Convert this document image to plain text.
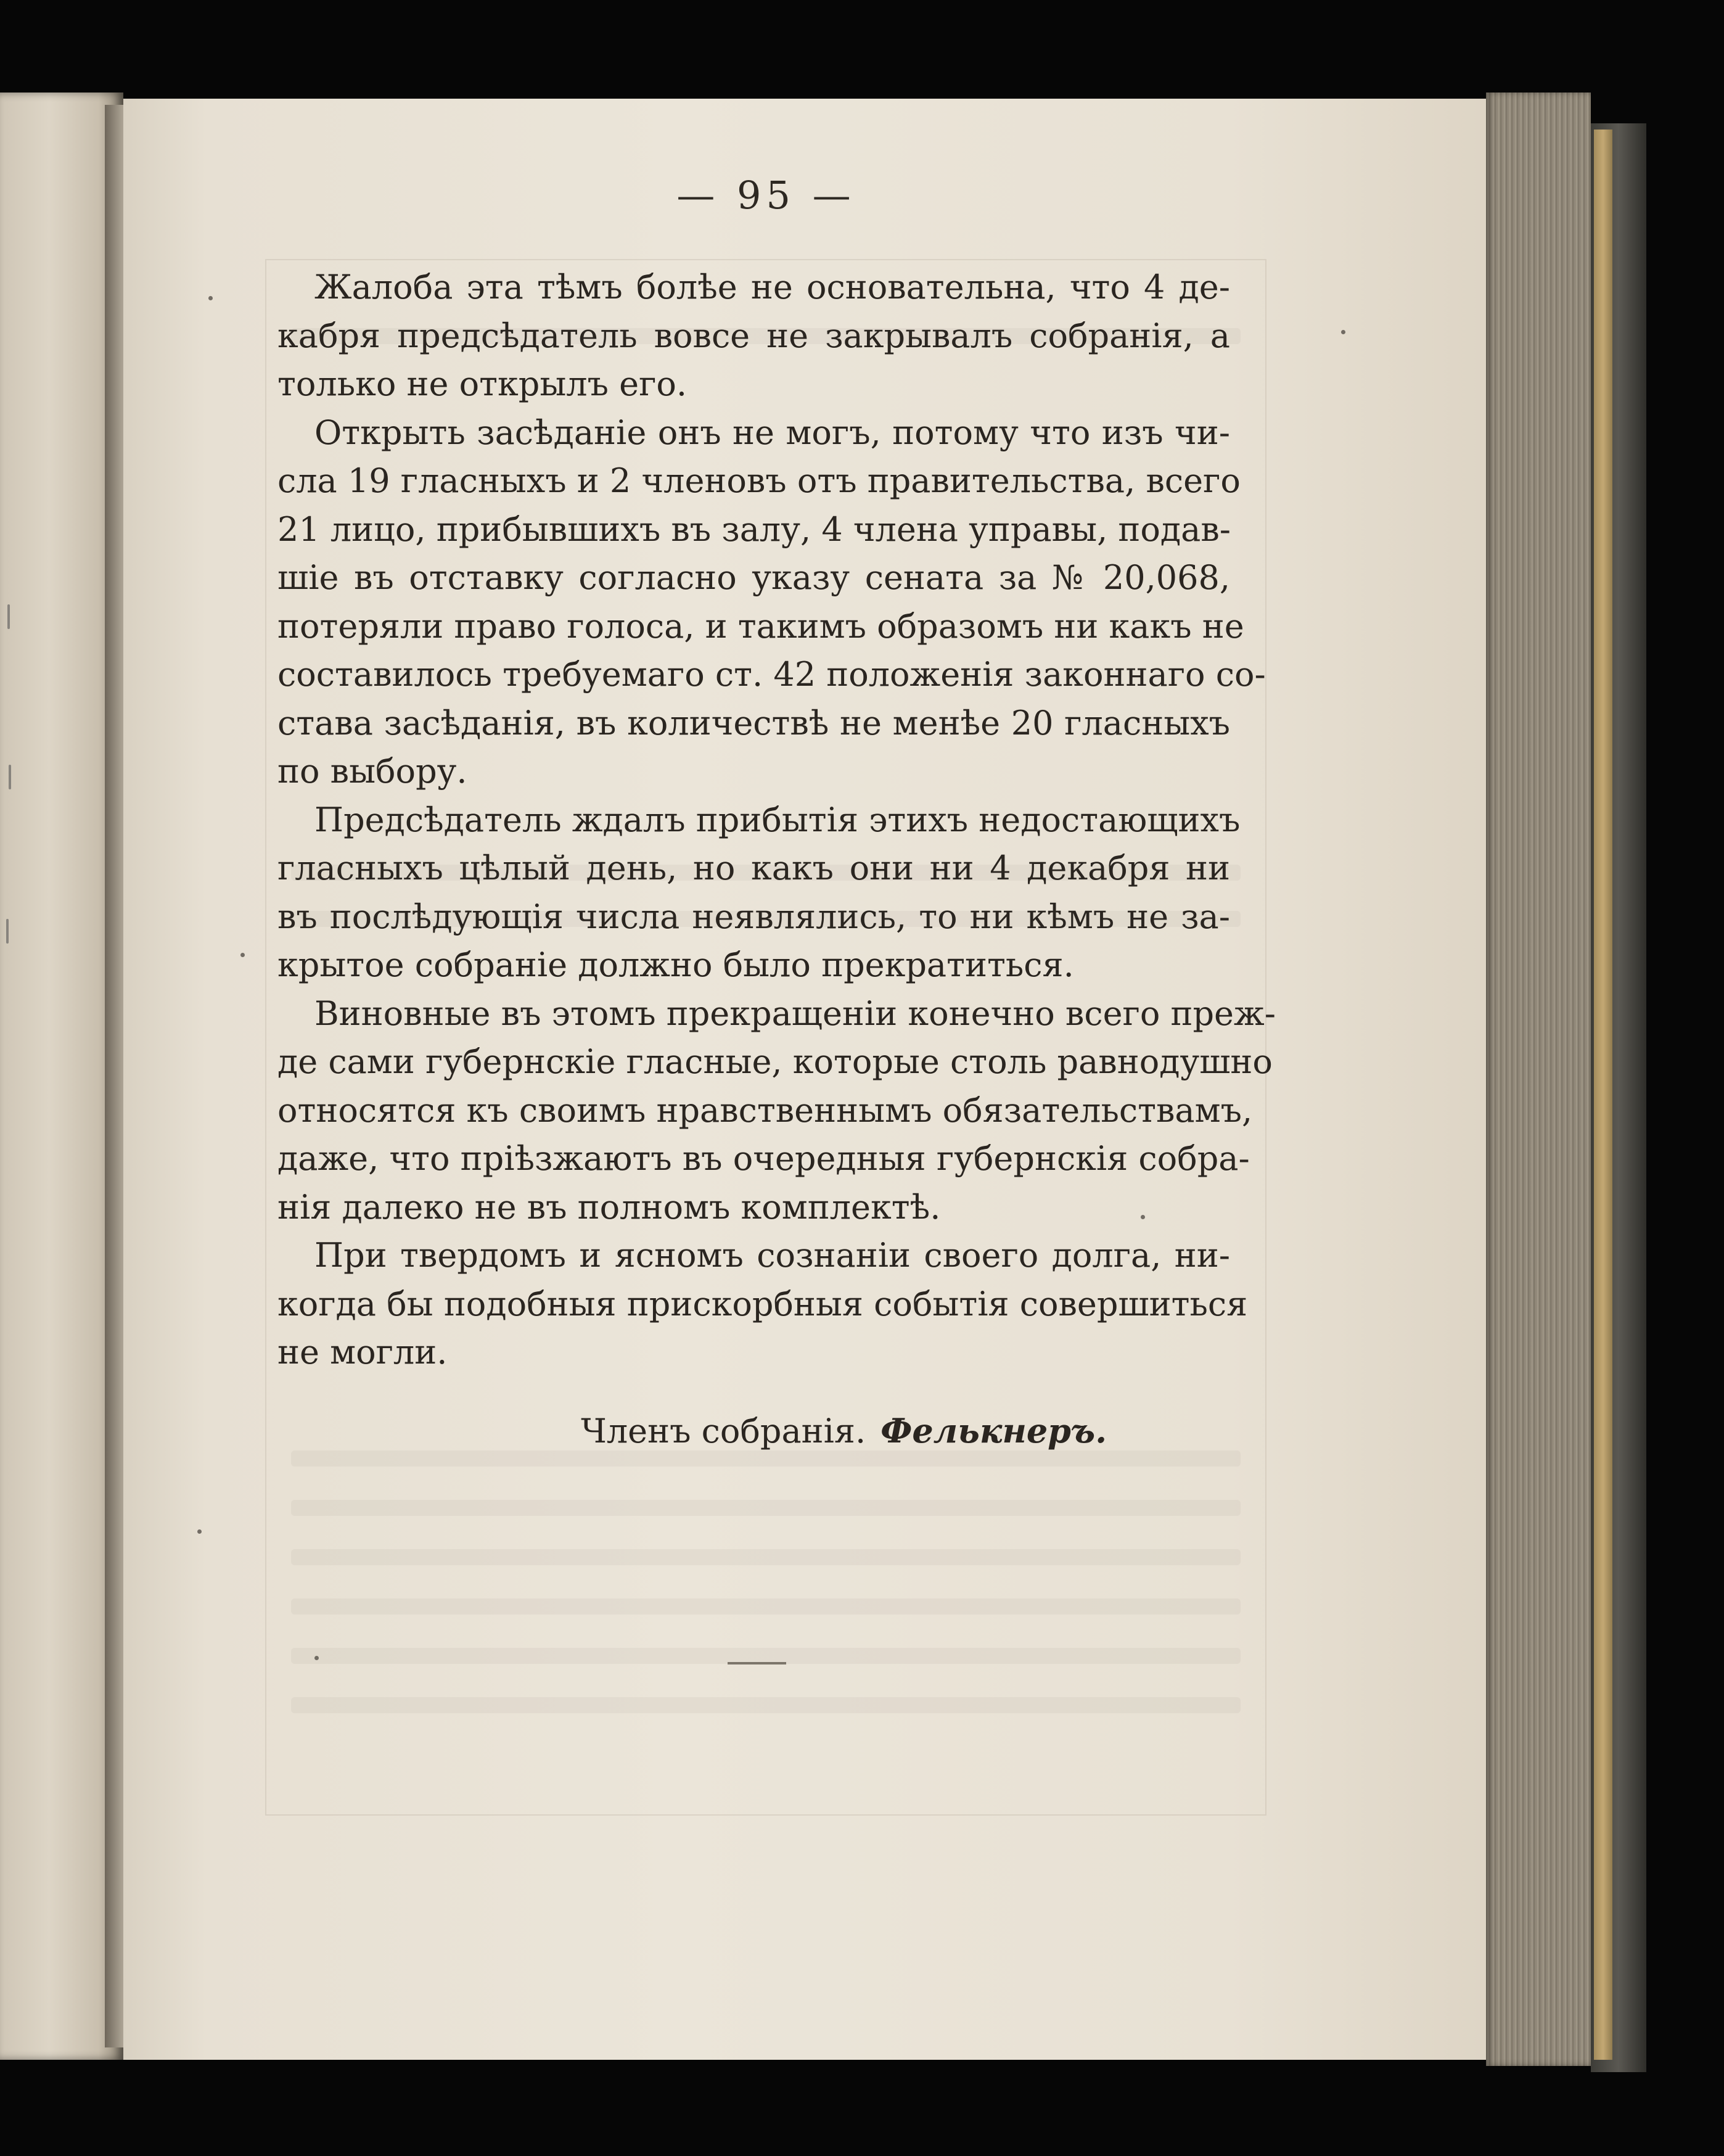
— 95 —
Жалоба эта тѣмъ болѣе не основательна, что 4 де-
кабря предсѣдатель вовсе не закрывалъ собранія, а
только не открылъ его.
Открыть засѣданіе онъ не могъ, потому что изъ чи-
сла 19 гласныхъ и 2 членовъ отъ правительства, всего
21 лицо, прибывшихъ въ залу, 4 члена управы, подав-
шіе въ отставку согласно указу сената за № 20,068,
потеряли право голоса, и такимъ образомъ ни какъ не
составилось требуемаго ст. 42 положенія законнаго со-
става засѣданія, въ количествѣ не менѣе 20 гласныхъ
по выбору.
Предсѣдатель ждалъ прибытія этихъ недостающихъ
гласныхъ цѣлый день, но какъ они ни 4 декабря ни
въ послѣдующія числа неявлялись, то ни кѣмъ не за-
крытое собраніе должно было прекратиться.
Виновные въ этомъ прекращеніи конечно всего преж-
де сами губернскіе гласные, которые столь равнодушно
относятся къ своимъ нравственнымъ обязательствамъ,
даже, что пріѣзжаютъ въ очередныя губернскія собра-
нія далеко не въ полномъ комплектѣ.
При твердомъ и ясномъ сознаніи своего долга, ни-
когда бы подобныя прискорбныя событія совершиться
не могли.
Членъ собранія. Фелькнеръ.
